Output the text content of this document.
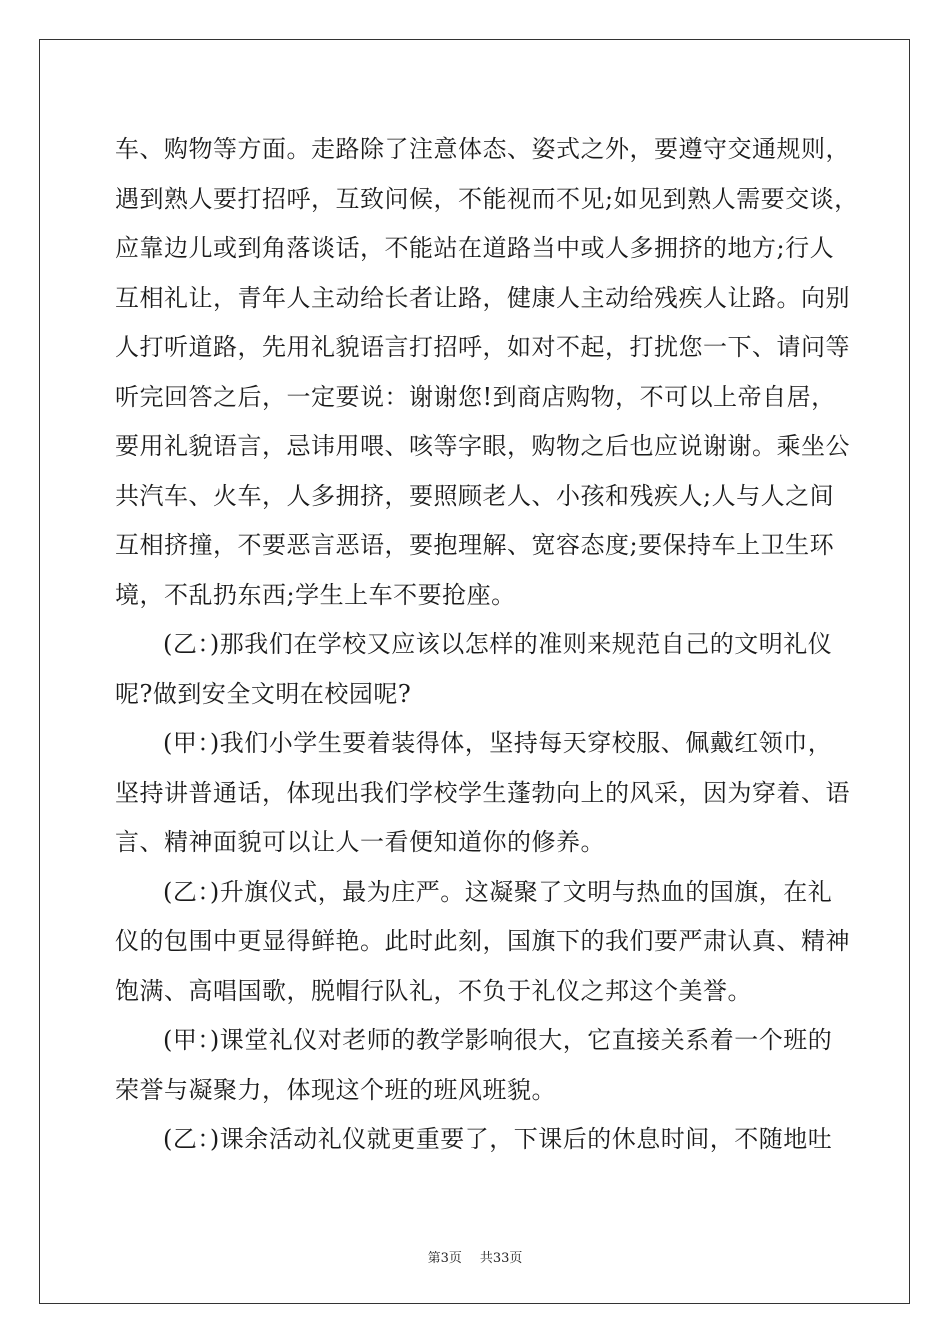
车、购物等方面。走路除了注意体态、姿式之外，要遵守交通规则，
遇到熟人要打招呼，互致问候，不能视而不见;如见到熟人需要交谈，
应靠边儿或到角落谈话，不能站在道路当中或人多拥挤的地方;行人
互相礼让，青年人主动给长者让路，健康人主动给残疾人让路。向别
人打听道路，先用礼貌语言打招呼，如对不起，打扰您一下、请问等
听完回答之后，一定要说：谢谢您!到商店购物，不可以上帝自居，
要用礼貌语言，忌讳用喂、咳等字眼，购物之后也应说谢谢。乘坐公
共汽车、火车，人多拥挤，要照顾老人、小孩和残疾人;人与人之间
互相挤撞，不要恶言恶语，要抱理解、宽容态度;要保持车上卫生环
境，不乱扔东西;学生上车不要抢座。
(乙：)那我们在学校又应该以怎样的准则来规范自己的文明礼仪
呢?做到安全文明在校园呢?
(甲：)我们小学生要着装得体，坚持每天穿校服、佩戴红领巾，
坚持讲普通话，体现出我们学校学生蓬勃向上的风采，因为穿着、语
言、精神面貌可以让人一看便知道你的修养。
(乙：)升旗仪式，最为庄严。这凝聚了文明与热血的国旗，在礼
仪的包围中更显得鲜艳。此时此刻，国旗下的我们要严肃认真、精神
饱满、高唱国歌，脱帽行队礼，不负于礼仪之邦这个美誉。
(甲：)课堂礼仪对老师的教学影响很大，它直接关系着一个班的
荣誉与凝聚力，体现这个班的班风班貌。
(乙：)课余活动礼仪就更重要了，下课后的休息时间，不随地吐
第3页 共33页
